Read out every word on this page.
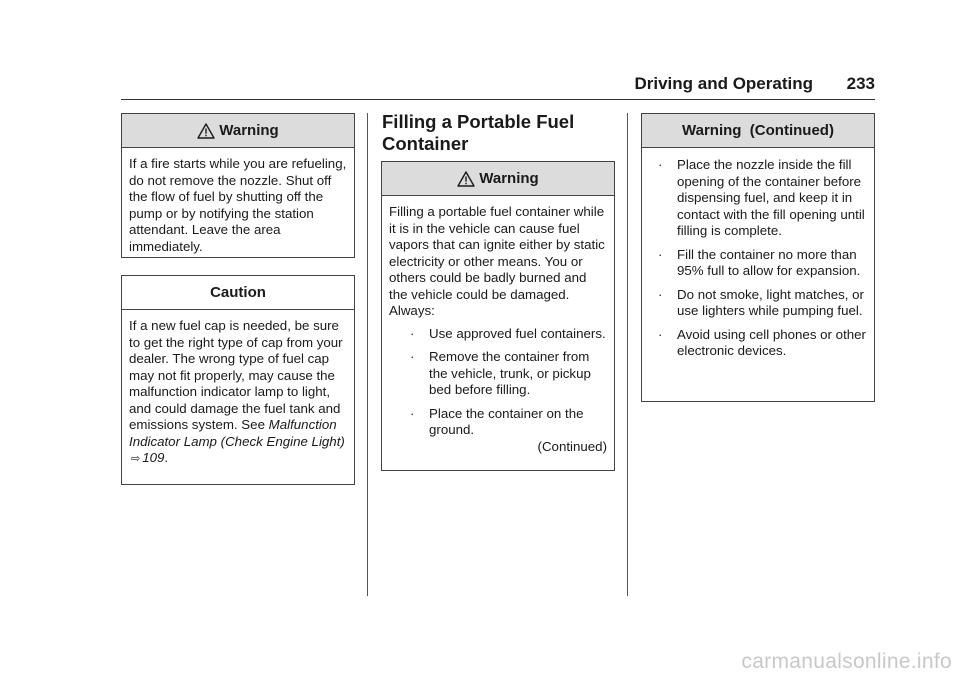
Driving and Operating 233
Warning

If a fire starts while you are refueling, do not remove the nozzle. Shut off the flow of fuel by shutting off the pump or by notifying the station attendant. Leave the area immediately.

Caution

If a new fuel cap is needed, be sure to get the right type of cap from your dealer. The wrong type of fuel cap may not fit properly, may cause the malfunction indicator lamp to light, and could damage the fuel tank and emissions system. See Malfunction Indicator Lamp (Check Engine Light) ⇨ 109.

Filling a Portable Fuel Container
Warning

Filling a portable fuel container while it is in the vehicle can cause fuel vapors that can ignite either by static electricity or other means. You or others could be badly burned and the vehicle could be damaged. Always:

· Use approved fuel containers.
· Remove the container from the vehicle, trunk, or pickup bed before filling.
· Place the container on the ground.

(Continued)

Warning  (Continued)
· Place the nozzle inside the fill opening of the container before dispensing fuel, and keep it in contact with the fill opening until filling is complete.
· Fill the container no more than 95% full to allow for expansion.
· Do not smoke, light matches, or use lighters while pumping fuel.
· Avoid using cell phones or other electronic devices.
carmanualsonline.info
